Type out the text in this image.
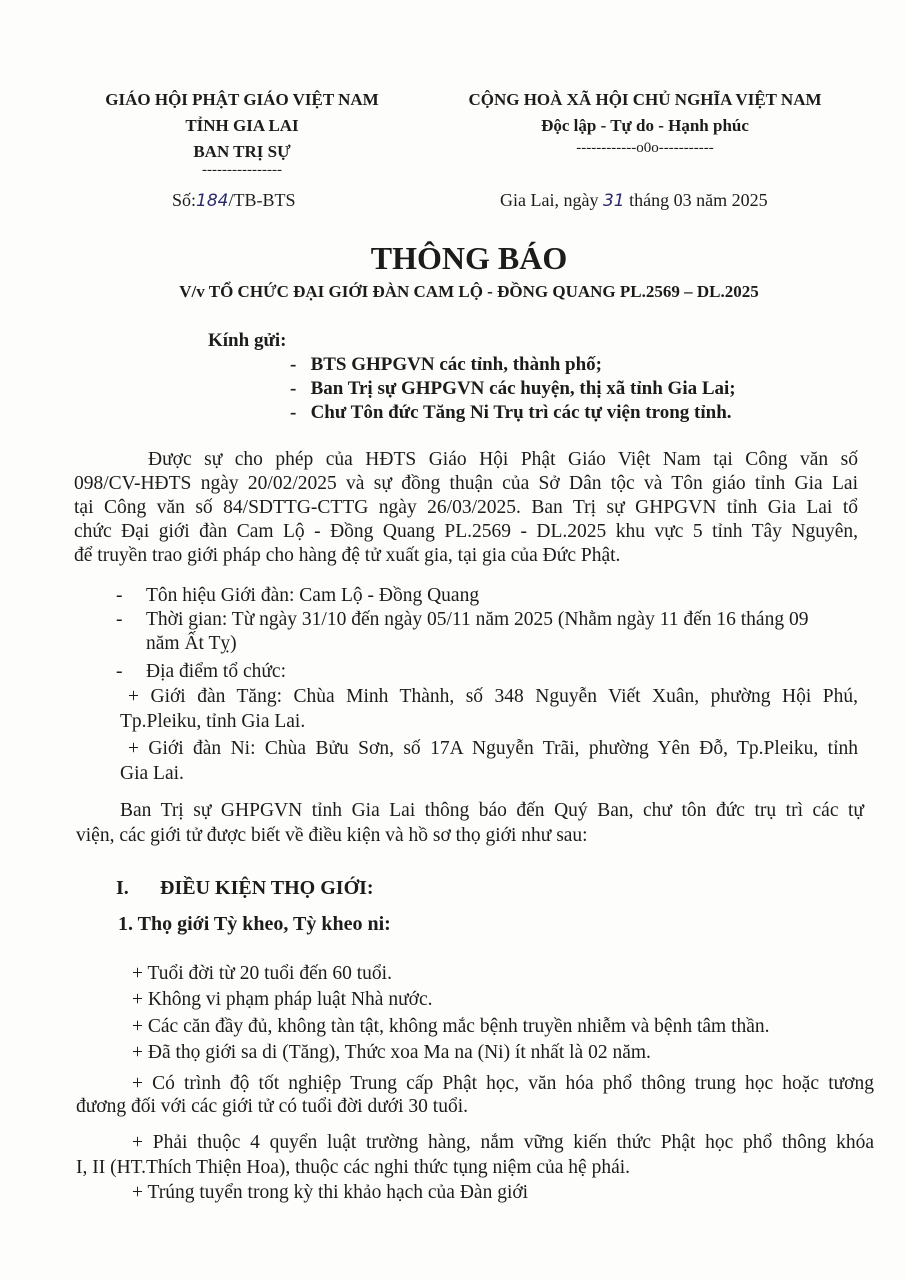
GIÁO HỘI PHẬT GIÁO VIỆT NAM
TỈNH GIA LAI
BAN TRỊ SỰ
----------------
Số:184/TB-BTS
CỘNG HOÀ XÃ HỘI CHỦ NGHĨA VIỆT NAM
Độc lập - Tự do - Hạnh phúc
------------o0o-----------
Gia Lai, ngày 31 tháng 03 năm 2025
THÔNG BÁO
V/v TỔ CHỨC ĐẠI GIỚI ĐÀN CAM LỘ - ĐỒNG QUANG PL.2569 – DL.2025
Kính gửi:
-   BTS GHPGVN các tỉnh, thành phố;
-   Ban Trị sự GHPGVN các huyện, thị xã tỉnh Gia Lai;
-   Chư Tôn đức Tăng Ni Trụ trì các tự viện trong tỉnh.
Được sự cho phép của HĐTS Giáo Hội Phật Giáo Việt Nam tại Công văn số
098/CV-HĐTS ngày 20/02/2025 và sự đồng thuận của Sở Dân tộc và Tôn giáo tỉnh Gia Lai
tại Công văn số 84/SDTTG-CTTG ngày 26/03/2025. Ban Trị sự GHPGVN tỉnh Gia Lai tổ
chức Đại giới đàn Cam Lộ - Đồng Quang PL.2569 - DL.2025 khu vực 5 tỉnh Tây Nguyên,
để truyền trao giới pháp cho hàng đệ tử xuất gia, tại gia của Đức Phật.
- Tôn hiệu Giới đàn: Cam Lộ - Đồng Quang
- Thời gian: Từ ngày 31/10 đến ngày 05/11 năm 2025 (Nhằm ngày 11 đến 16 tháng 09
năm Ất Tỵ)
- Địa điểm tổ chức:
+ Giới đàn Tăng: Chùa Minh Thành, số 348 Nguyễn Viết Xuân, phường Hội Phú,
Tp.Pleiku, tỉnh Gia Lai.
+ Giới đàn Ni: Chùa Bửu Sơn, số 17A Nguyễn Trãi, phường Yên Đỗ, Tp.Pleiku, tỉnh
Gia Lai.
Ban Trị sự GHPGVN tỉnh Gia Lai thông báo đến Quý Ban, chư tôn đức trụ trì các tự
viện, các giới tử được biết về điều kiện và hồ sơ thọ giới như sau:
I. ĐIỀU KIỆN THỌ GIỚI:
1. Thọ giới Tỳ kheo, Tỳ kheo ni:
+ Tuổi đời từ 20 tuổi đến 60 tuổi.
+ Không vi phạm pháp luật Nhà nước.
+ Các căn đầy đủ, không tàn tật, không mắc bệnh truyền nhiễm và bệnh tâm thần.
+ Đã thọ giới sa di (Tăng), Thức xoa Ma na (Ni) ít nhất là 02 năm.
+ Có trình độ tốt nghiệp Trung cấp Phật học, văn hóa phổ thông trung học hoặc tương
đương đối với các giới tử có tuổi đời dưới 30 tuổi.
+ Phải thuộc 4 quyển luật trường hàng, nắm vững kiến thức Phật học phổ thông khóa
I, II (HT.Thích Thiện Hoa), thuộc các nghi thức tụng niệm của hệ phái.
+ Trúng tuyển trong kỳ thi khảo hạch của Đàn giới
